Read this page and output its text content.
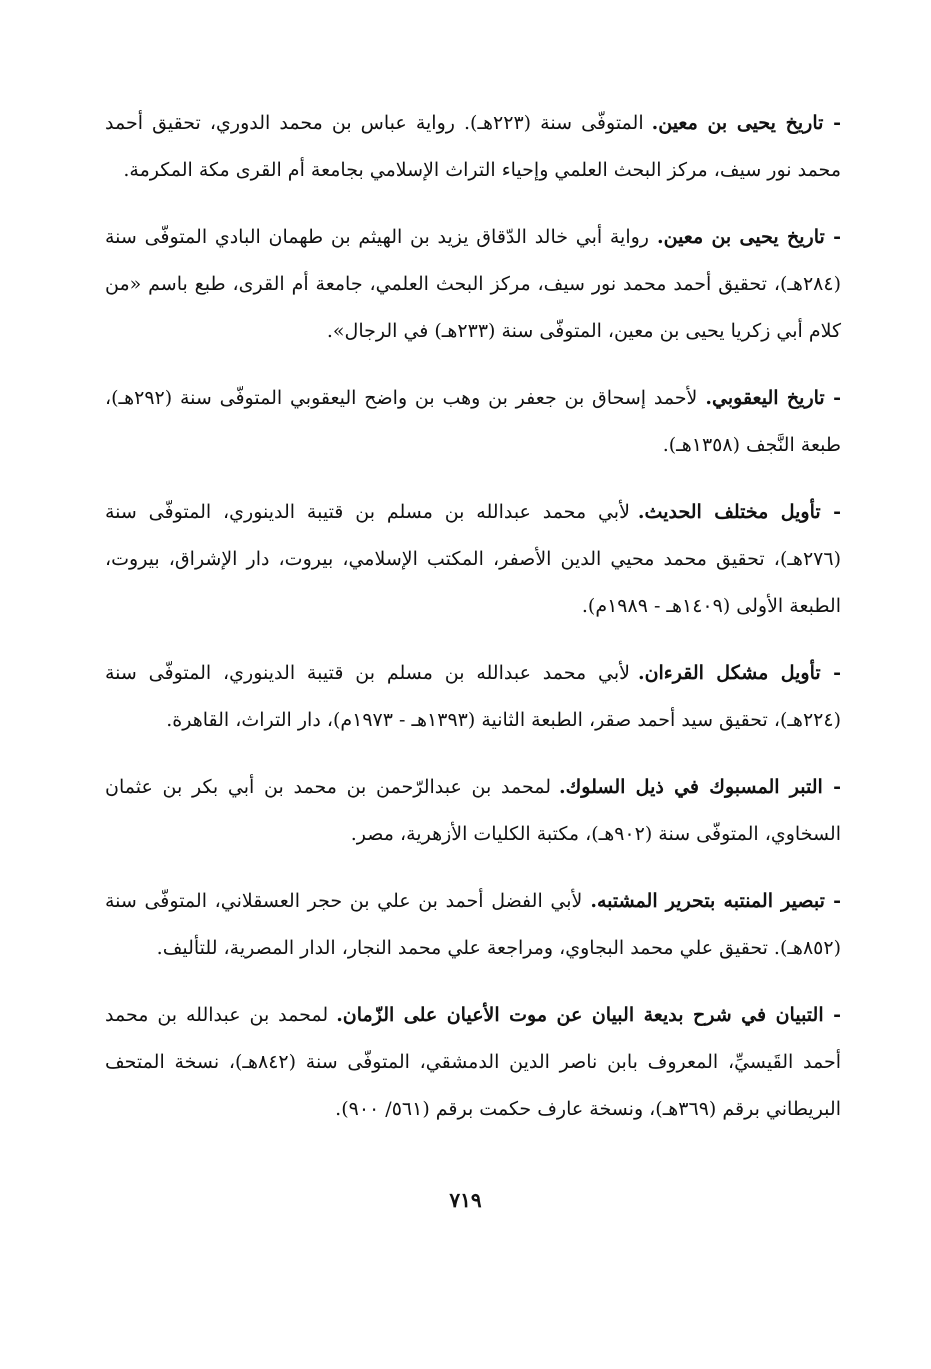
- تاريخ يحيى بن معين.المتوفّى سنة (٢٢٣هـ). رواية عباس بن محمد الدوري، تحقيق أحمد محمد نور سيف، مركز البحث العلمي وإحياء التراث الإسلامي بجامعة أم القرى مكة المكرمة.
- تاريخ يحيى بن معين.رواية أبي خالد الدّقاق يزيد بن الهيثم بن طهمان البادي المتوفّى سنة (٢٨٤هـ)، تحقيق أحمد محمد نور سيف، مركز البحث العلمي، جامعة أم القرى، طبع باسم «من كلام أبي زكريا يحيى بن معين، المتوفّى سنة (٢٣٣هـ) في الرجال».
- تاريخ اليعقوبي.لأحمد إسحاق بن جعفر بن وهب بن واضح اليعقوبي المتوفّى سنة (٢٩٢هـ)، طبعة النَّجف (١٣٥٨هـ).
- تأويل مختلف الحديث.لأبي محمد عبدالله بن مسلم بن قتيبة الدينوري، المتوفّى سنة (٢٧٦هـ)، تحقيق محمد محيي الدين الأصفر، المكتب الإسلامي، بيروت، دار الإشراق، بيروت، الطبعة الأولى (١٤٠٩هـ - ١٩٨٩م).
- تأويل مشكل القرءان.لأبي محمد عبدالله بن مسلم بن قتيبة الدينوري، المتوفّى سنة (٢٢٤هـ)، تحقيق سيد أحمد صقر، الطبعة الثانية (١٣٩٣هـ - ١٩٧٣م)، دار التراث، القاهرة.
- التبر المسبوك في ذيل السلوك.لمحمد بن عبدالرّحمن بن محمد بن أبي بكر بن عثمان السخاوي، المتوفّى سنة (٩٠٢هـ)، مكتبة الكليات الأزهرية، مصر.
- تبصير المنتبه بتحرير المشتبه.لأبي الفضل أحمد بن علي بن حجر العسقلاني، المتوفّى سنة (٨٥٢هـ). تحقيق علي محمد البجاوي، ومراجعة علي محمد النجار، الدار المصرية، للتأليف.
- التبيان في شرح بديعة البيان عن موت الأعيان على الزّمان.لمحمد بن عبدالله بن محمد أحمد القَيسيِّ، المعروف بابن ناصر الدين الدمشقي، المتوفّى سنة (٨٤٢هـ)، نسخة المتحف البريطاني برقم (٣٦٩هـ)، ونسخة عارف حكمت برقم (٥٦١/ ٩٠٠).
٧١٩
